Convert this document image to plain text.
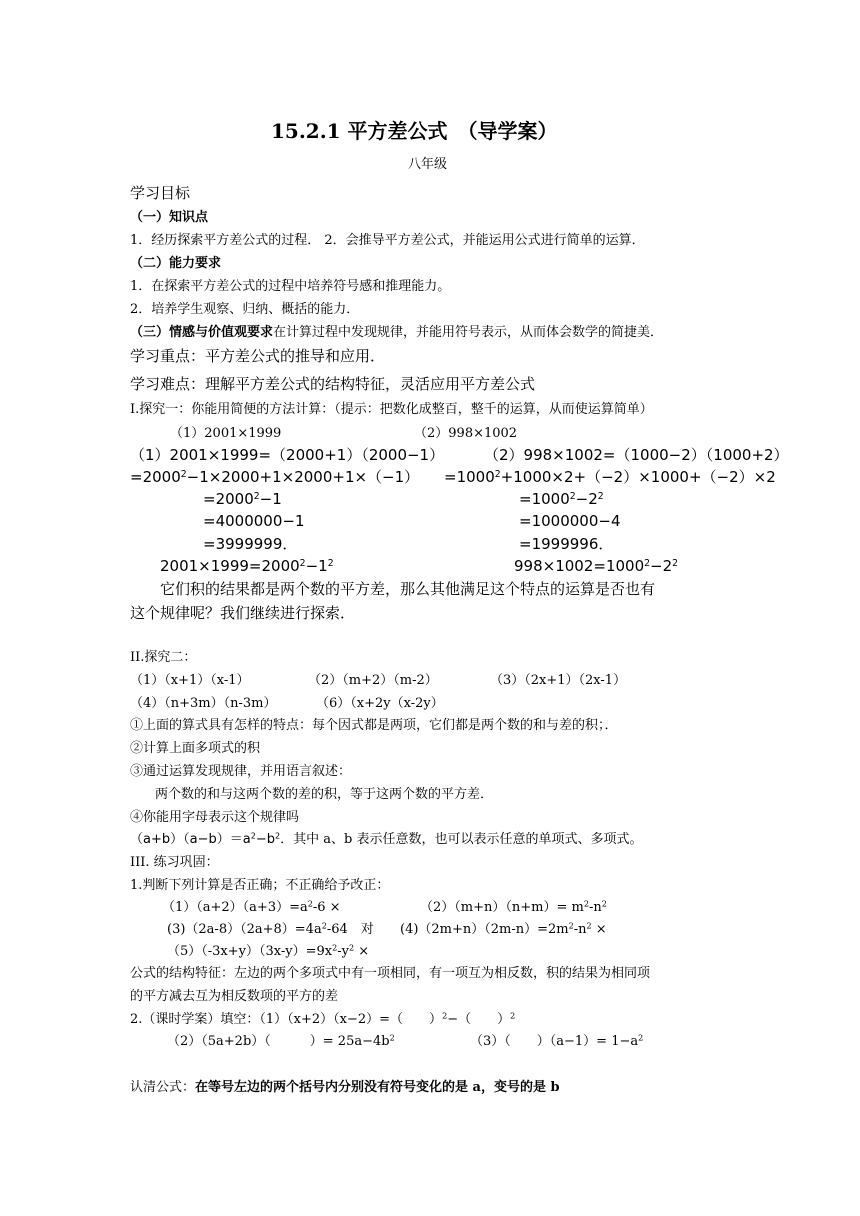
15.2.1 平方差公式　（导学案）
八年级
学习目标
（一）知识点
1．经历探索平方差公式的过程． 2．会推导平方差公式，并能运用公式进行简单的运算．
（二）能力要求
1．在探索平方差公式的过程中培养符号感和推理能力。
2．培养学生观察、归纳、概括的能力．
（三）情感与价值观要求在计算过程中发现规律，并能用符号表示，从而体会数学的简捷美．
学习重点：平方差公式的推导和应用．
学习难点：理解平方差公式的结构特征，灵活应用平方差公式
I.探究一：你能用简便的方法计算：（提示：把数化成整百，整千的运算，从而使运算简单）
（1）2001×1999	（2）998×1002
（1）2001×1999=（2000+1）（2000−1）
$=2000^2-1\times 2000+1\times 2000+1\times(-1)$
$=2000^2-1$
=4000000−1
=3999999．
$2001\times 1999=2000^2-1^2$
（2）998×1002=（1000−2）（1000+2）
$=1000^2+1000\times 2+(-2)\times 1000+(-2)\times 2$
$=1000^2-2^2$
=1000000−4
=1999996．
$998\times 1002=1000^2-2^2$
它们积的结果都是两个数的平方差，那么其他满足这个特点的运算是否也有
这个规律呢？我们继续进行探索．
II.探究二：
（1）（x+1）（x-1）	（2）（m+2）（m-2）	（3）（2x+1）（2x-1）
（4）（n+3m）（n-3m）	（6）（x+2y（x-2y）
①上面的算式具有怎样的特点：每个因式都是两项，它们都是两个数的和与差的积；．
②计算上面多项式的积
③通过运算发现规律，并用语言叙述：
两个数的和与这两个数的差的积，等于这两个数的平方差．
④你能用字母表示这个规律吗
$(a+b)(a-b)=a^2-b^2$．其中 a、b 表示任意数，也可以表示任意的单项式、多项式。
III. 练习巩固：
1.判断下列计算是否正确；不正确给予改正：
$(1)(a+2)(a+3)=a^2-6$ ×	$(2)(m+n)(n+m)= m^2-n^2$
$(3)(2a-8)(2a+8)=4a^2-64$　对 $(4)(2m+n)(2m-n)=2m^2-n^2$ ×
$(5)(-3x+y)(3x-y)=9x^2-y^2$ ×
公式的结构特征：左边的两个多项式中有一项相同，有一项互为相反数，积的结果为相同项
的平方减去互为相反数项的平方的差
2.（课时学案）填空：（1）（x+2）（x−2）=（　　）$^2$−（　　）$^2$
（2）（5a+2b）（　　　）= $25a-4b^2$	（3）（　　）$(a-1)= 1-a^2$
认清公式：在等号左边的两个括号内分别没有符号变化的是 a，变号的是 b
